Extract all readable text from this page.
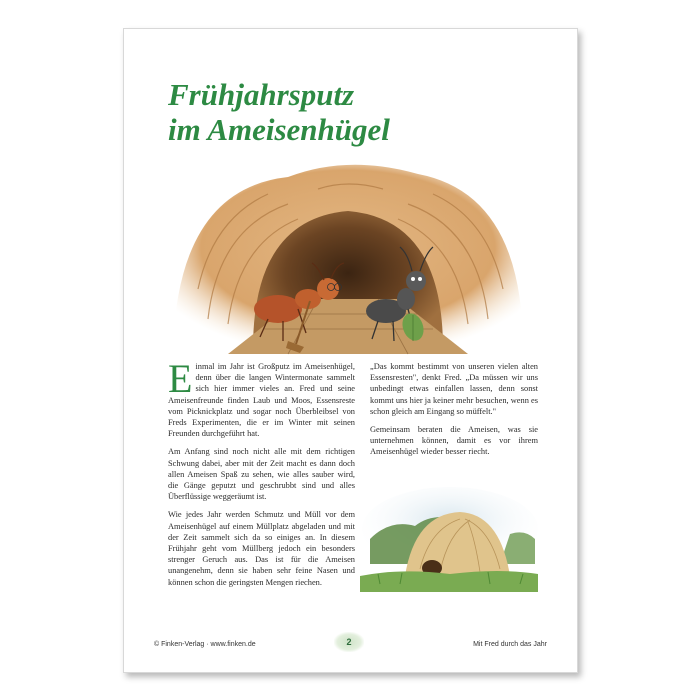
Frühjahrsputz
im Ameisenhügel

Einmal im Jahr ist Großputz im Ameisenhügel, denn über die langen Wintermonate sammelt sich hier immer vieles an. Fred und seine Ameisenfreunde finden Laub und Moos, Essensreste vom Picknickplatz und sogar noch Überbleibsel von Freds Experimenten, die er im Winter mit seinen Freunden durchgeführt hat.

Am Anfang sind noch nicht alle mit dem richtigen Schwung dabei, aber mit der Zeit macht es dann doch allen Ameisen Spaß zu sehen, wie alles sauber wird, die Gänge geputzt und geschrubbt sind und alles Überflüssige weggeräumt ist.

Wie jedes Jahr werden Schmutz und Müll vor dem Ameisenhügel auf einem Müllplatz abgeladen und mit der Zeit sammelt sich da so einiges an. In diesem Frühjahr geht vom Müllberg jedoch ein besonders strenger Geruch aus. Das ist für die Ameisen unangenehm, denn sie haben sehr feine Nasen und können schon die geringsten Mengen riechen.

„Das kommt bestimmt von unseren vielen alten Essensresten", denkt Fred. „Da müssen wir uns unbedingt etwas einfallen lassen, denn sonst kommt uns hier ja keiner mehr besuchen, wenn es schon gleich am Eingang so müffelt."

Gemeinsam beraten die Ameisen, was sie unternehmen können, damit es vor ihrem Ameisenhügel wieder besser riecht.

© Finken-Verlag · www.finken.de	2	Mit Fred durch das Jahr
